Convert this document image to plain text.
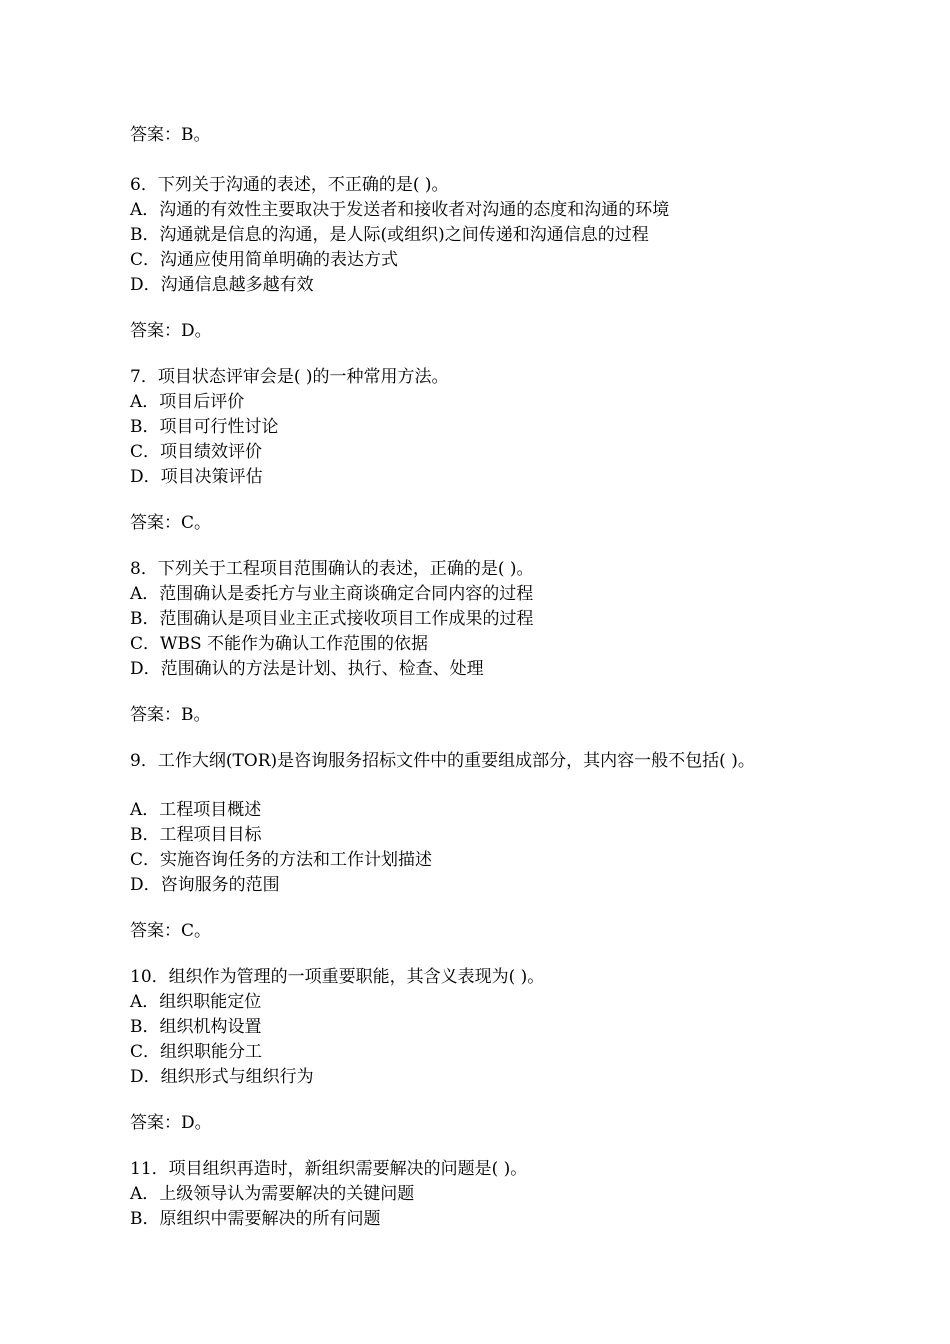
答案：B。
6．下列关于沟通的表述，不正确的是( )。
A．沟通的有效性主要取决于发送者和接收者对沟通的态度和沟通的环境
B．沟通就是信息的沟通，是人际(或组织)之间传递和沟通信息的过程
C．沟通应使用简单明确的表达方式
D．沟通信息越多越有效
答案：D。
7．项目状态评审会是( )的一种常用方法。
A．项目后评价
B．项目可行性讨论
C．项目绩效评价
D．项目决策评估
答案：C。
8．下列关于工程项目范围确认的表述，正确的是( )。
A．范围确认是委托方与业主商谈确定合同内容的过程
B．范围确认是项目业主正式接收项目工作成果的过程
C．WBS 不能作为确认工作范围的依据
D．范围确认的方法是计划、执行、检查、处理
答案：B。
9．工作大纲(TOR)是咨询服务招标文件中的重要组成部分，其内容一般不包括( )。
A．工程项目概述
B．工程项目目标
C．实施咨询任务的方法和工作计划描述
D．咨询服务的范围
答案：C。
10．组织作为管理的一项重要职能，其含义表现为( )。
A．组织职能定位
B．组织机构设置
C．组织职能分工
D．组织形式与组织行为
答案：D。
11．项目组织再造时，新组织需要解决的问题是( )。
A．上级领导认为需要解决的关键问题
B．原组织中需要解决的所有问题
